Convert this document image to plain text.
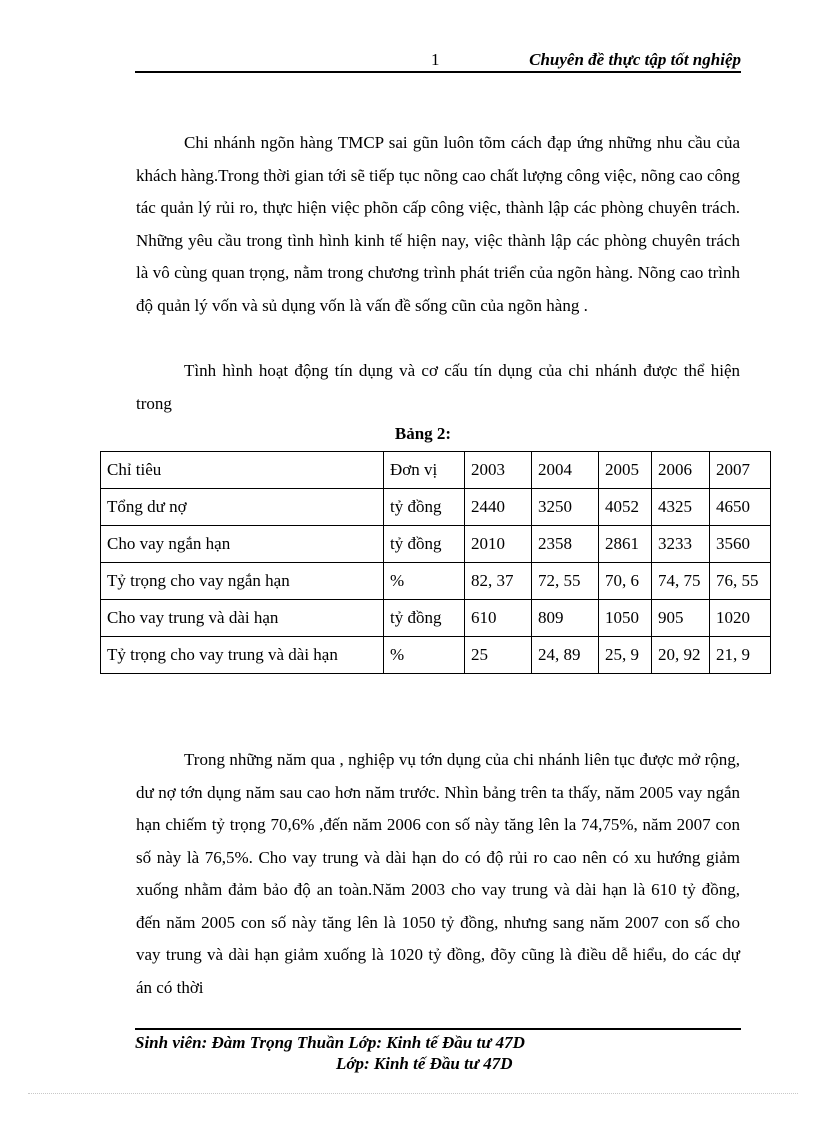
1	Chuyên đề thực tập tốt nghiệp

Chi nhánh ngõn hàng TMCP sai gũn luôn tõm cách đạp ứng những nhu cầu của khách hàng.Trong thời gian tới sẽ tiếp tục nõng cao chất lượng công việc, nõng cao công tác quản lý rủi ro, thực hiện việc phõn cấp công việc, thành lập các phòng chuyên trách. Những yêu cầu trong tình hình kinh tế hiện nay, việc thành lập các phòng chuyên trách là vô cùng quan trọng, nằm trong chương trình phát triển của ngõn hàng. Nõng cao trình độ quản lý vốn và sủ dụng vốn là vấn đề sống cũn của ngõn hàng .

Tình hình hoạt động tín dụng và cơ cấu tín dụng của chi nhánh được thể hiện trong

Bảng 2:
Chỉ tiêu	Đơn vị	2003	2004	2005	2006	2007
Tổng dư nợ	tỷ đồng	2440	3250	4052	4325	4650
Cho vay ngắn hạn	tỷ đồng	2010	2358	2861	3233	3560
Tỷ trọng cho vay ngắn hạn	%	82, 37	72, 55	70, 6	74, 75	76, 55
Cho vay trung và dài hạn	tỷ đồng	610	809	1050	905	1020
Tỷ trọng cho vay trung và dài hạn	%	25	24, 89	25, 9	20, 92	21, 9

Trong những năm qua , nghiệp vụ tớn dụng của chi nhánh liên tục được mở rộng, dư nợ tớn dụng năm sau cao hơn năm trước. Nhìn bảng trên ta thấy, năm 2005 vay ngắn hạn chiếm tỷ trọng 70,6% ,đến năm 2006 con số này tăng lên la 74,75%, năm 2007 con số này là 76,5%. Cho vay trung và dài hạn do có độ rủi ro cao nên có xu hướng giảm xuống nhằm đảm bảo độ an toàn.Năm 2003 cho vay trung và dài hạn là 610 tỷ đồng, đến năm 2005 con số này tăng lên là 1050 tỷ đồng, nhưng sang năm 2007 con số cho vay trung và dài hạn giảm xuống là 1020 tỷ đồng, đõy cũng là điều dễ hiểu, do các dự án có thời

Sinh viên: Đàm Trọng Thuần Lớp: Kinh tế Đầu tư 47D
Lớp: Kinh tế Đầu tư 47D
